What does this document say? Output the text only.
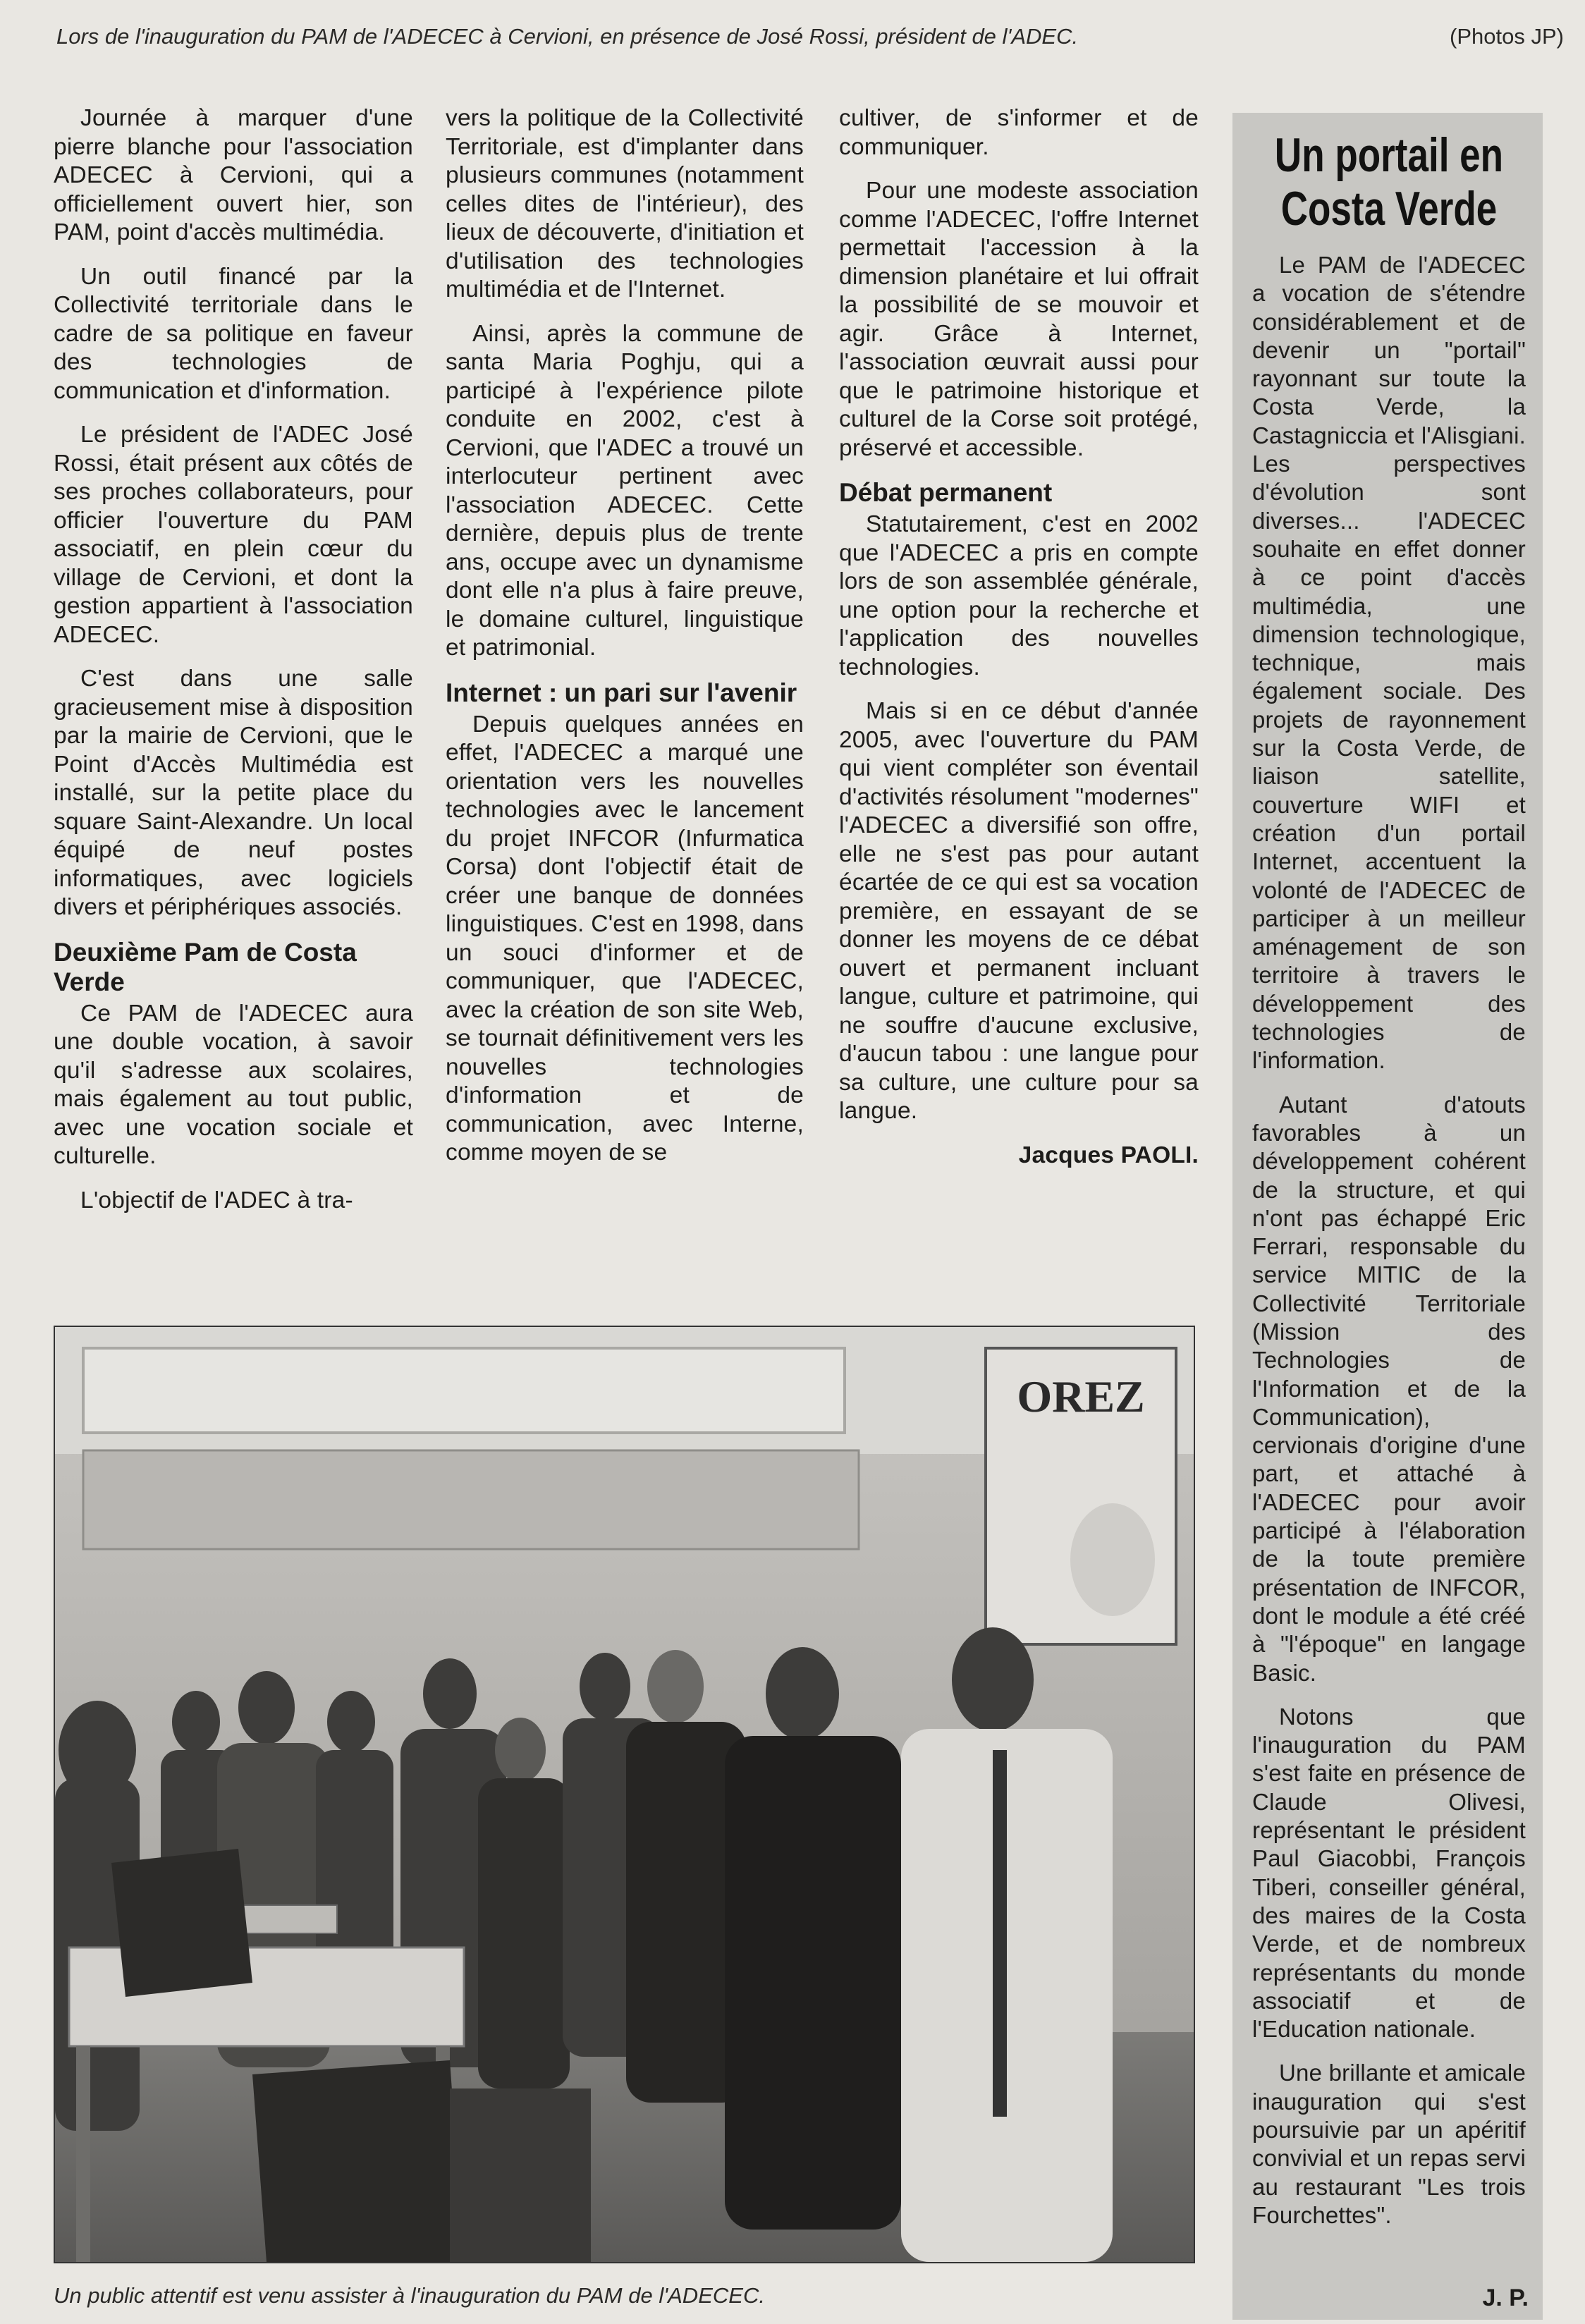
Lors de l'inauguration du PAM de l'ADECEC à Cervioni, en présence de José Rossi, président de l'ADEC.	(Photos JP)

Journée à marquer d'une pierre blanche pour l'association ADECEC à Cervioni, qui a officiellement ouvert hier, son PAM, point d'accès multimédia.

Un outil financé par la Collectivité territoriale dans le cadre de sa politique en faveur des technologies de communication et d'information.

Le président de l'ADEC José Rossi, était présent aux côtés de ses proches collaborateurs, pour officier l'ouverture du PAM associatif, en plein cœur du village de Cervioni, et dont la gestion appartient à l'association ADECEC.

C'est dans une salle gracieusement mise à disposition par la mairie de Cervioni, que le Point d'Accès Multimédia est installé, sur la petite place du square Saint-Alexandre. Un local équipé de neuf postes informatiques, avec logiciels divers et périphériques associés.

Deuxième Pam de Costa Verde

Ce PAM de l'ADECEC aura une double vocation, à savoir qu'il s'adresse aux scolaires, mais également au tout public, avec une vocation sociale et culturelle.

L'objectif de l'ADEC à tra-

vers la politique de la Collectivité Territoriale, est d'implanter dans plusieurs communes (notamment celles dites de l'intérieur), des lieux de découverte, d'initiation et d'utilisation des technologies multimédia et de l'Internet.

Ainsi, après la commune de santa Maria Poghju, qui a participé à l'expérience pilote conduite en 2002, c'est à Cervioni, que l'ADEC a trouvé un interlocuteur pertinent avec l'association ADECEC. Cette dernière, depuis plus de trente ans, occupe avec un dynamisme dont elle n'a plus à faire preuve, le domaine culturel, linguistique et patrimonial.

Internet : un pari sur l'avenir

Depuis quelques années en effet, l'ADECEC a marqué une orientation vers les nouvelles technologies avec le lancement du projet INFCOR (Infurmatica Corsa) dont l'objectif était de créer une banque de données linguistiques. C'est en 1998, dans un souci d'informer et de communiquer, que l'ADECEC, avec la création de son site Web, se tournait définitivement vers les nouvelles technologies d'information et de communication, avec Interne, comme moyen de se

cultiver, de s'informer et de communiquer.

Pour une modeste association comme l'ADECEC, l'offre Internet permettait l'accession à la dimension planétaire et lui offrait la possibilité de se mouvoir et agir. Grâce à Internet, l'association œuvrait aussi pour que le patrimoine historique et culturel de la Corse soit protégé, préservé et accessible.

Débat permanent

Statutairement, c'est en 2002 que l'ADECEC a pris en compte lors de son assemblée générale, une option pour la recherche et l'application des nouvelles technologies.

Mais si en ce début d'année 2005, avec l'ouverture du PAM qui vient compléter son éventail d'activités résolument "modernes" l'ADECEC a diversifié son offre, elle ne s'est pas pour autant écartée de ce qui est sa vocation première, en essayant de se donner les moyens de ce débat ouvert et permanent incluant langue, culture et patrimoine, qui ne souffre d'aucune exclusive, d'aucun tabou : une langue pour sa culture, une culture pour sa langue.

Jacques PAOLI.

Un portail en Costa Verde

Le PAM de l'ADECEC a vocation de s'étendre considérablement et de devenir un "portail" rayonnant sur toute la Costa Verde, la Castagniccia et l'Alisgiani. Les perspectives d'évolution sont diverses... l'ADECEC souhaite en effet donner à ce point d'accès multimédia, une dimension technologique, technique, mais également sociale. Des projets de rayonnement sur la Costa Verde, de liaison satellite, couverture WIFI et création d'un portail Internet, accentuent la volonté de l'ADECEC de participer à un meilleur aménagement de son territoire à travers le développement des technologies de l'information.

Autant d'atouts favorables à un développement cohérent de la structure, et qui n'ont pas échappé Eric Ferrari, responsable du service MITIC de la Collectivité Territoriale (Mission des Technologies de l'Information et de la Communication), cervionais d'origine d'une part, et attaché à l'ADECEC pour avoir participé à l'élaboration de la toute première présentation de INFCOR, dont le module a été créé à "l'époque" en langage Basic.

Notons que l'inauguration du PAM s'est faite en présence de Claude Olivesi, représentant le président Paul Giacobbi, François Tiberi, conseiller général, des maires de la Costa Verde, et de nombreux représentants du monde associatif et de l'Education nationale.

Une brillante et amicale inauguration qui s'est poursuivie par un apéritif convivial et un repas servi au restaurant "Les trois Fourchettes".

J. P.
OREZ
Un public attentif est venu assister à l'inauguration du PAM de l'ADECEC.
